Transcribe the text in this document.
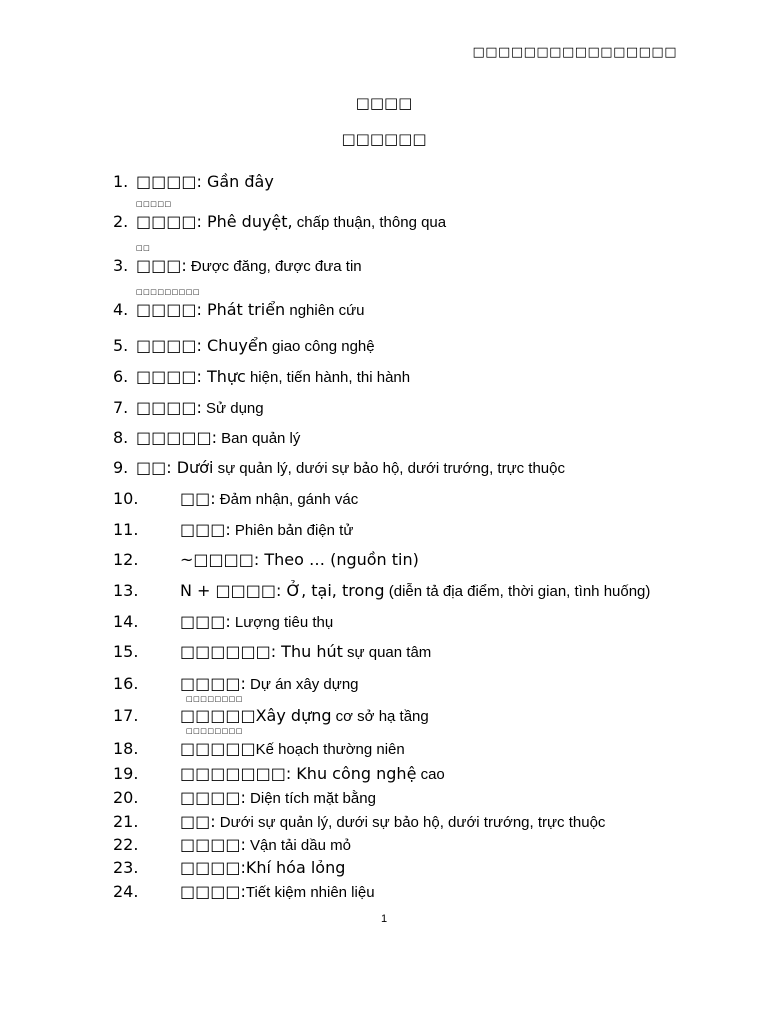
□□□□□□□□□□□□□□□□
□□□□
□□□□□□
1. □□□□: Gần đây
2. □□□□: Phê duyệt, chấp thuận, thông qua
□□□□□
3. □□□: Được đăng, được đưa tin
□□
4. □□□□: Phát triển nghiên cứu
□□□□□□□□□
5. □□□□: Chuyển giao công nghệ
6. □□□□: Thực hiện, tiến hành, thi hành
7. □□□□: Sử dụng
8. □□□□□: Ban quản lý
9. □□: Dưới sự quản lý, dưới sự bảo hộ, dưới trướng, trực thuộc
10.	□□: Đảm nhận, gánh vác
11.	□□□: Phiên bản điện tử
12.	~□□□□: Theo … (nguồn tin)
13.	N + □□□□: Ở, tại, trong (diễn tả địa điểm, thời gian, tình huống)
14.	□□□: Lượng tiêu thụ
15.	□□□□□□: Thu hút sự quan tâm
16.	□□□□: Dự án xây dựng
17.	□□□□□Xây dựng cơ sở hạ tầng
□□□□□□□□
18.	□□□□□Kế hoạch thường niên
□□□□□□□□
19.	□□□□□□□: Khu công nghệ cao
20.	□□□□: Diện tích mặt bằng
21.	□□: Dưới sự quản lý, dưới sự bảo hộ, dưới trướng, trực thuộc
22.	□□□□: Vận tải dầu mỏ
23.	□□□□:Khí hóa lỏng
24.	□□□□:Tiết kiệm nhiên liệu
1
